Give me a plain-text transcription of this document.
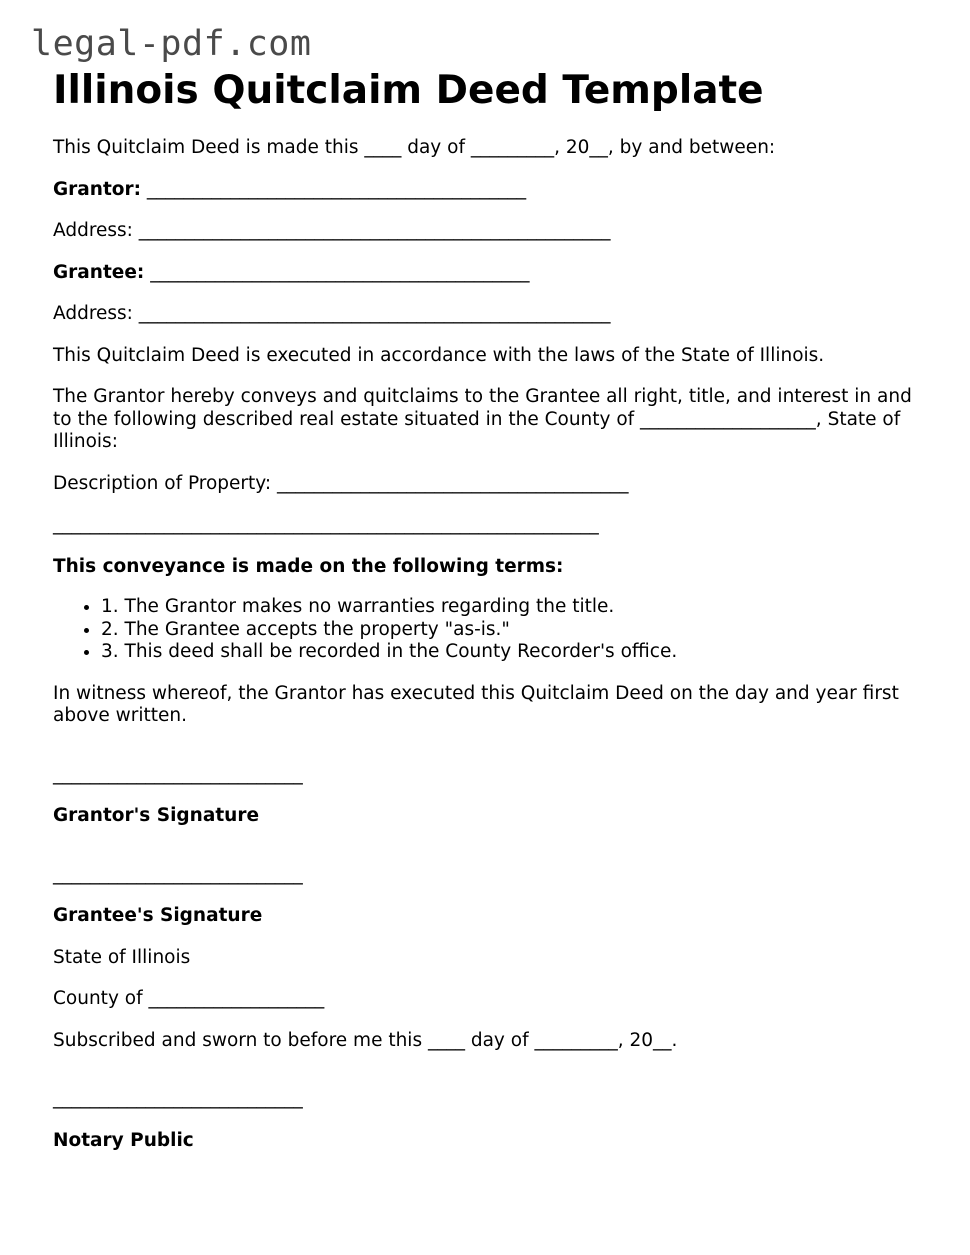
legal-pdf.com
Illinois Quitclaim Deed Template

This Quitclaim Deed is made this ____ day of _________, 20__, by and between:

Grantor: _________________________________________

Address: ___________________________________________________

Grantee: _________________________________________

Address: ___________________________________________________

This Quitclaim Deed is executed in accordance with the laws of the State of Illinois.

The Grantor hereby conveys and quitclaims to the Grantee all right, title, and interest in and to the following described real estate situated in the County of ___________________, State of Illinois:

Description of Property: ______________________________________

___________________________________________________________

This conveyance is made on the following terms:

• 1. The Grantor makes no warranties regarding the title.
• 2. The Grantee accepts the property "as-is."
• 3. This deed shall be recorded in the County Recorder's office.

In witness whereof, the Grantor has executed this Quitclaim Deed on the day and year first above written.

___________________________

Grantor's Signature

___________________________

Grantee's Signature

State of Illinois

County of ___________________

Subscribed and sworn to before me this ____ day of _________, 20__.

___________________________

Notary Public
